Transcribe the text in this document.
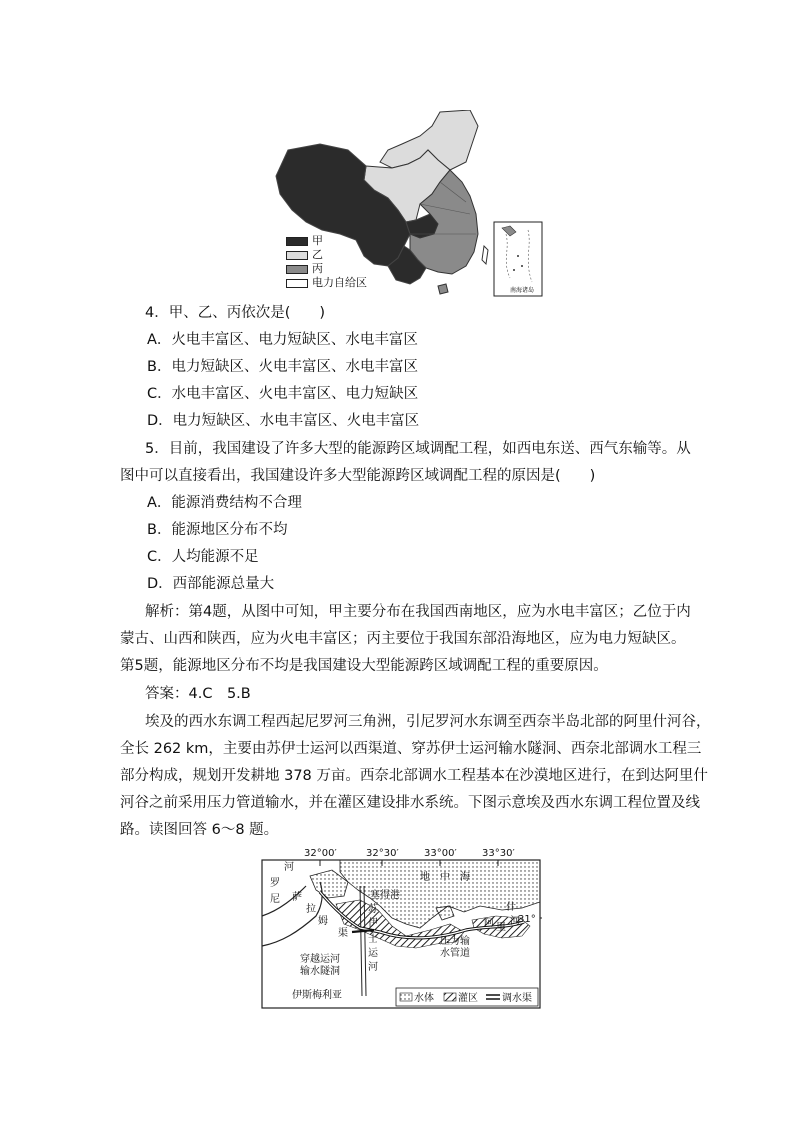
南海诸岛
甲
乙
丙
电力自给区
4．甲、乙、丙依次是(　　)
A．火电丰富区、电力短缺区、水电丰富区
B．电力短缺区、火电丰富区、水电丰富区
C．水电丰富区、火电丰富区、电力短缺区
D．电力短缺区、水电丰富区、火电丰富区
5．目前，我国建设了许多大型的能源跨区域调配工程，如西电东送、西气东输等。从
图中可以直接看出，我国建设许多大型能源跨区域调配工程的原因是(　　)
A．能源消费结构不合理
B．能源地区分布不均
C．人均能源不足
D．西部能源总量大
解析：第4题，从图中可知，甲主要分布在我国西南地区，应为水电丰富区；乙位于内
蒙古、山西和陕西，应为火电丰富区；丙主要位于我国东部沿海地区，应为电力短缺区。
第5题，能源地区分布不均是我国建设大型能源跨区域调配工程的重要原因。
答案：4.C　5.B
埃及的西水东调工程西起尼罗河三角洲，引尼罗河水东调至西奈半岛北部的阿里什河谷，
全长 262 km，主要由苏伊士运河以西渠道、穿苏伊士运河输水隧洞、西奈北部调水工程三
部分构成，规划开发耕地 378 万亩。西奈北部调水工程基本在沙漠地区进行，在到达阿里什
河谷之前采用压力管道输水，并在灌区建设排水系统。下图示意埃及西水东调工程位置及线
路。读图回答 6～8 题。
32°00′	32°30′	33°00′	33°30′
31°
地　中　海
塞得港
罗
尼
河
苏
伊
士
运
河
萨
拉
姆
渠
压力输
水管道
阿 里
什
河
穿越运河
输水隧洞
伊斯梅利亚	水体 灌区 调水渠
